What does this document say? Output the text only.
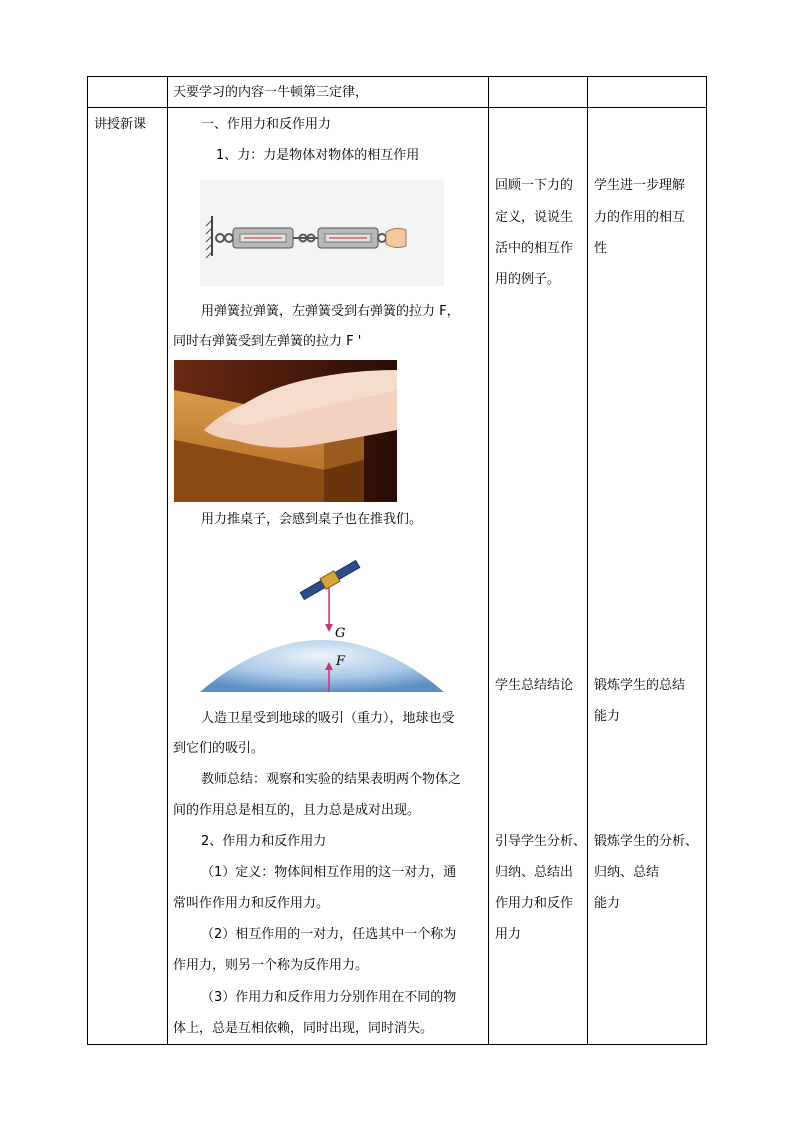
天要学习的内容一牛顿第三定律，
讲授新课	一、作用力和反作用力
1、力：力是物体对物体的相互作用
用弹簧拉弹簧，左弹簧受到右弹簧的拉力 F，
同时右弹簧受到左弹簧的拉力 F '
用力推桌子，会感到桌子也在推我们。
G
F
人造卫星受到地球的吸引（重力），地球也受
到它们的吸引。
教师总结：观察和实验的结果表明两个物体之
间的作用总是相互的，且力总是成对出现。
2、作用力和反作用力
（1）定义：物体间相互作用的这一对力，通
常叫作作用力和反作用力。
（2）相互作用的一对力，任选其中一个称为
作用力，则另一个称为反作用力。
（3）作用力和反作用力分别作用在不同的物
体上，总是互相依赖，同时出现，同时消失。
回顾一下力的
定义，说说生
活中的相互作
用的例子。
学生总结结论
引导学生分析、
归纳、总结出
作用力和反作
用力
学生进一步理解
力的作用的相互
性
锻炼学生的总结
能力
锻炼学生的分析、
归纳、总结
能力
